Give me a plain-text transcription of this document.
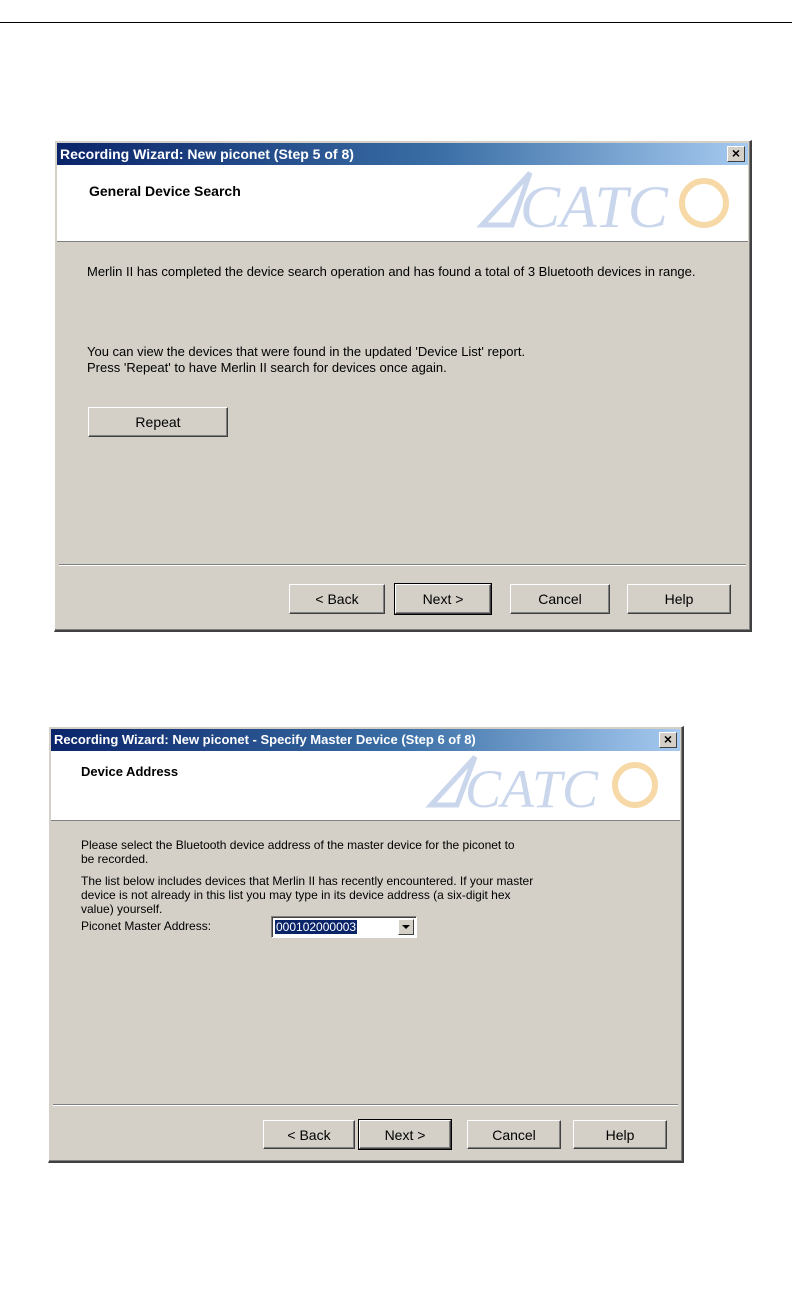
Recording Wizard: New piconet (Step 5 of 8)	×
General Device Search	CATC
Merlin II has completed the device search operation and has found a total of 3 Bluetooth devices in range.
You can view the devices that were found in the updated 'Device List' report.
Press 'Repeat' to have Merlin II search for devices once again.
Repeat
< Back	Next >	Cancel	Help
Recording Wizard: New piconet - Specify Master Device (Step 6 of 8)	×
Device Address	CATC
Please select the Bluetooth device address of the master device for the piconet to be recorded.
The list below includes devices that Merlin II has recently encountered. If your master device is not already in this list you may type in its device address (a six-digit hex value) yourself.
Piconet Master Address:	000102000003
< Back	Next >	Cancel	Help
